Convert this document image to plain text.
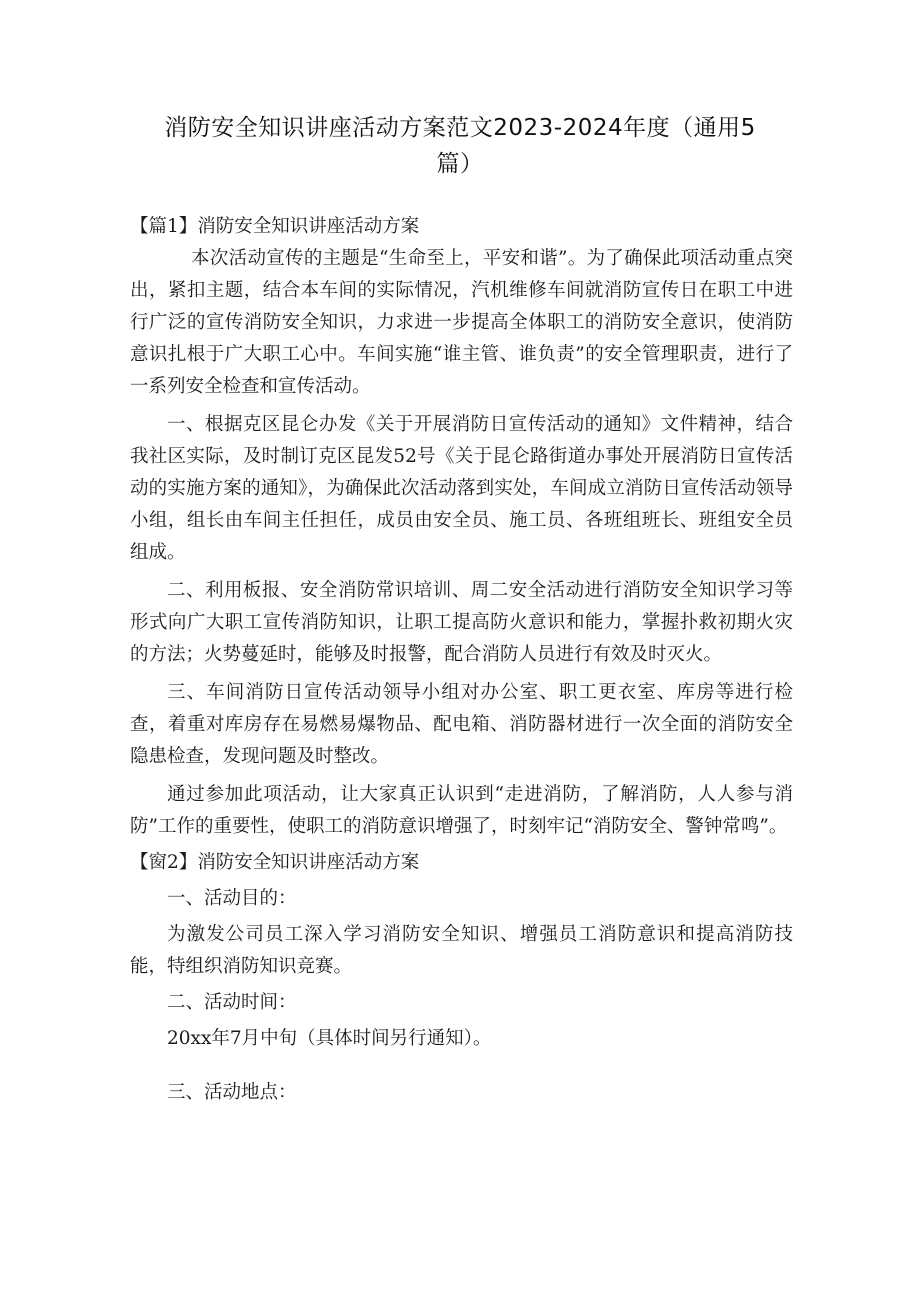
消防安全知识讲座活动方案范文2023-2024年度（通用5篇）

【篇1】消防安全知识讲座活动方案

本次活动宣传的主题是“生命至上，平安和谐”。为了确保此项活动重点突出，紧扣主题，结合本车间的实际情况，汽机维修车间就消防宣传日在职工中进行广泛的宣传消防安全知识，力求进一步提高全体职工的消防安全意识，使消防意识扎根于广大职工心中。车间实施“谁主管、谁负责”的安全管理职责，进行了一系列安全检查和宣传活动。

一、根据克区昆仑办发《关于开展消防日宣传活动的通知》文件精神，结合我社区实际，及时制订克区昆发52号《关于昆仑路街道办事处开展消防日宣传活动的实施方案的通知》，为确保此次活动落到实处，车间成立消防日宣传活动领导小组，组长由车间主任担任，成员由安全员、施工员、各班组班长、班组安全员组成。

二、利用板报、安全消防常识培训、周二安全活动进行消防安全知识学习等形式向广大职工宣传消防知识，让职工提高防火意识和能力，掌握扑救初期火灾的方法；火势蔓延时，能够及时报警，配合消防人员进行有效及时灭火。

三、车间消防日宣传活动领导小组对办公室、职工更衣室、库房等进行检查，着重对库房存在易燃易爆物品、配电箱、消防器材进行一次全面的消防安全隐患检查，发现问题及时整改。

通过参加此项活动，让大家真正认识到“走进消防，了解消防，人人参与消防”工作的重要性，使职工的消防意识增强了，时刻牢记“消防安全、警钟常鸣”。

【窗2】消防安全知识讲座活动方案

一、活动目的：

为激发公司员工深入学习消防安全知识、增强员工消防意识和提高消防技能，特组织消防知识竞赛。

二、活动时间：

20xx年7月中旬（具体时间另行通知）。

三、活动地点：
